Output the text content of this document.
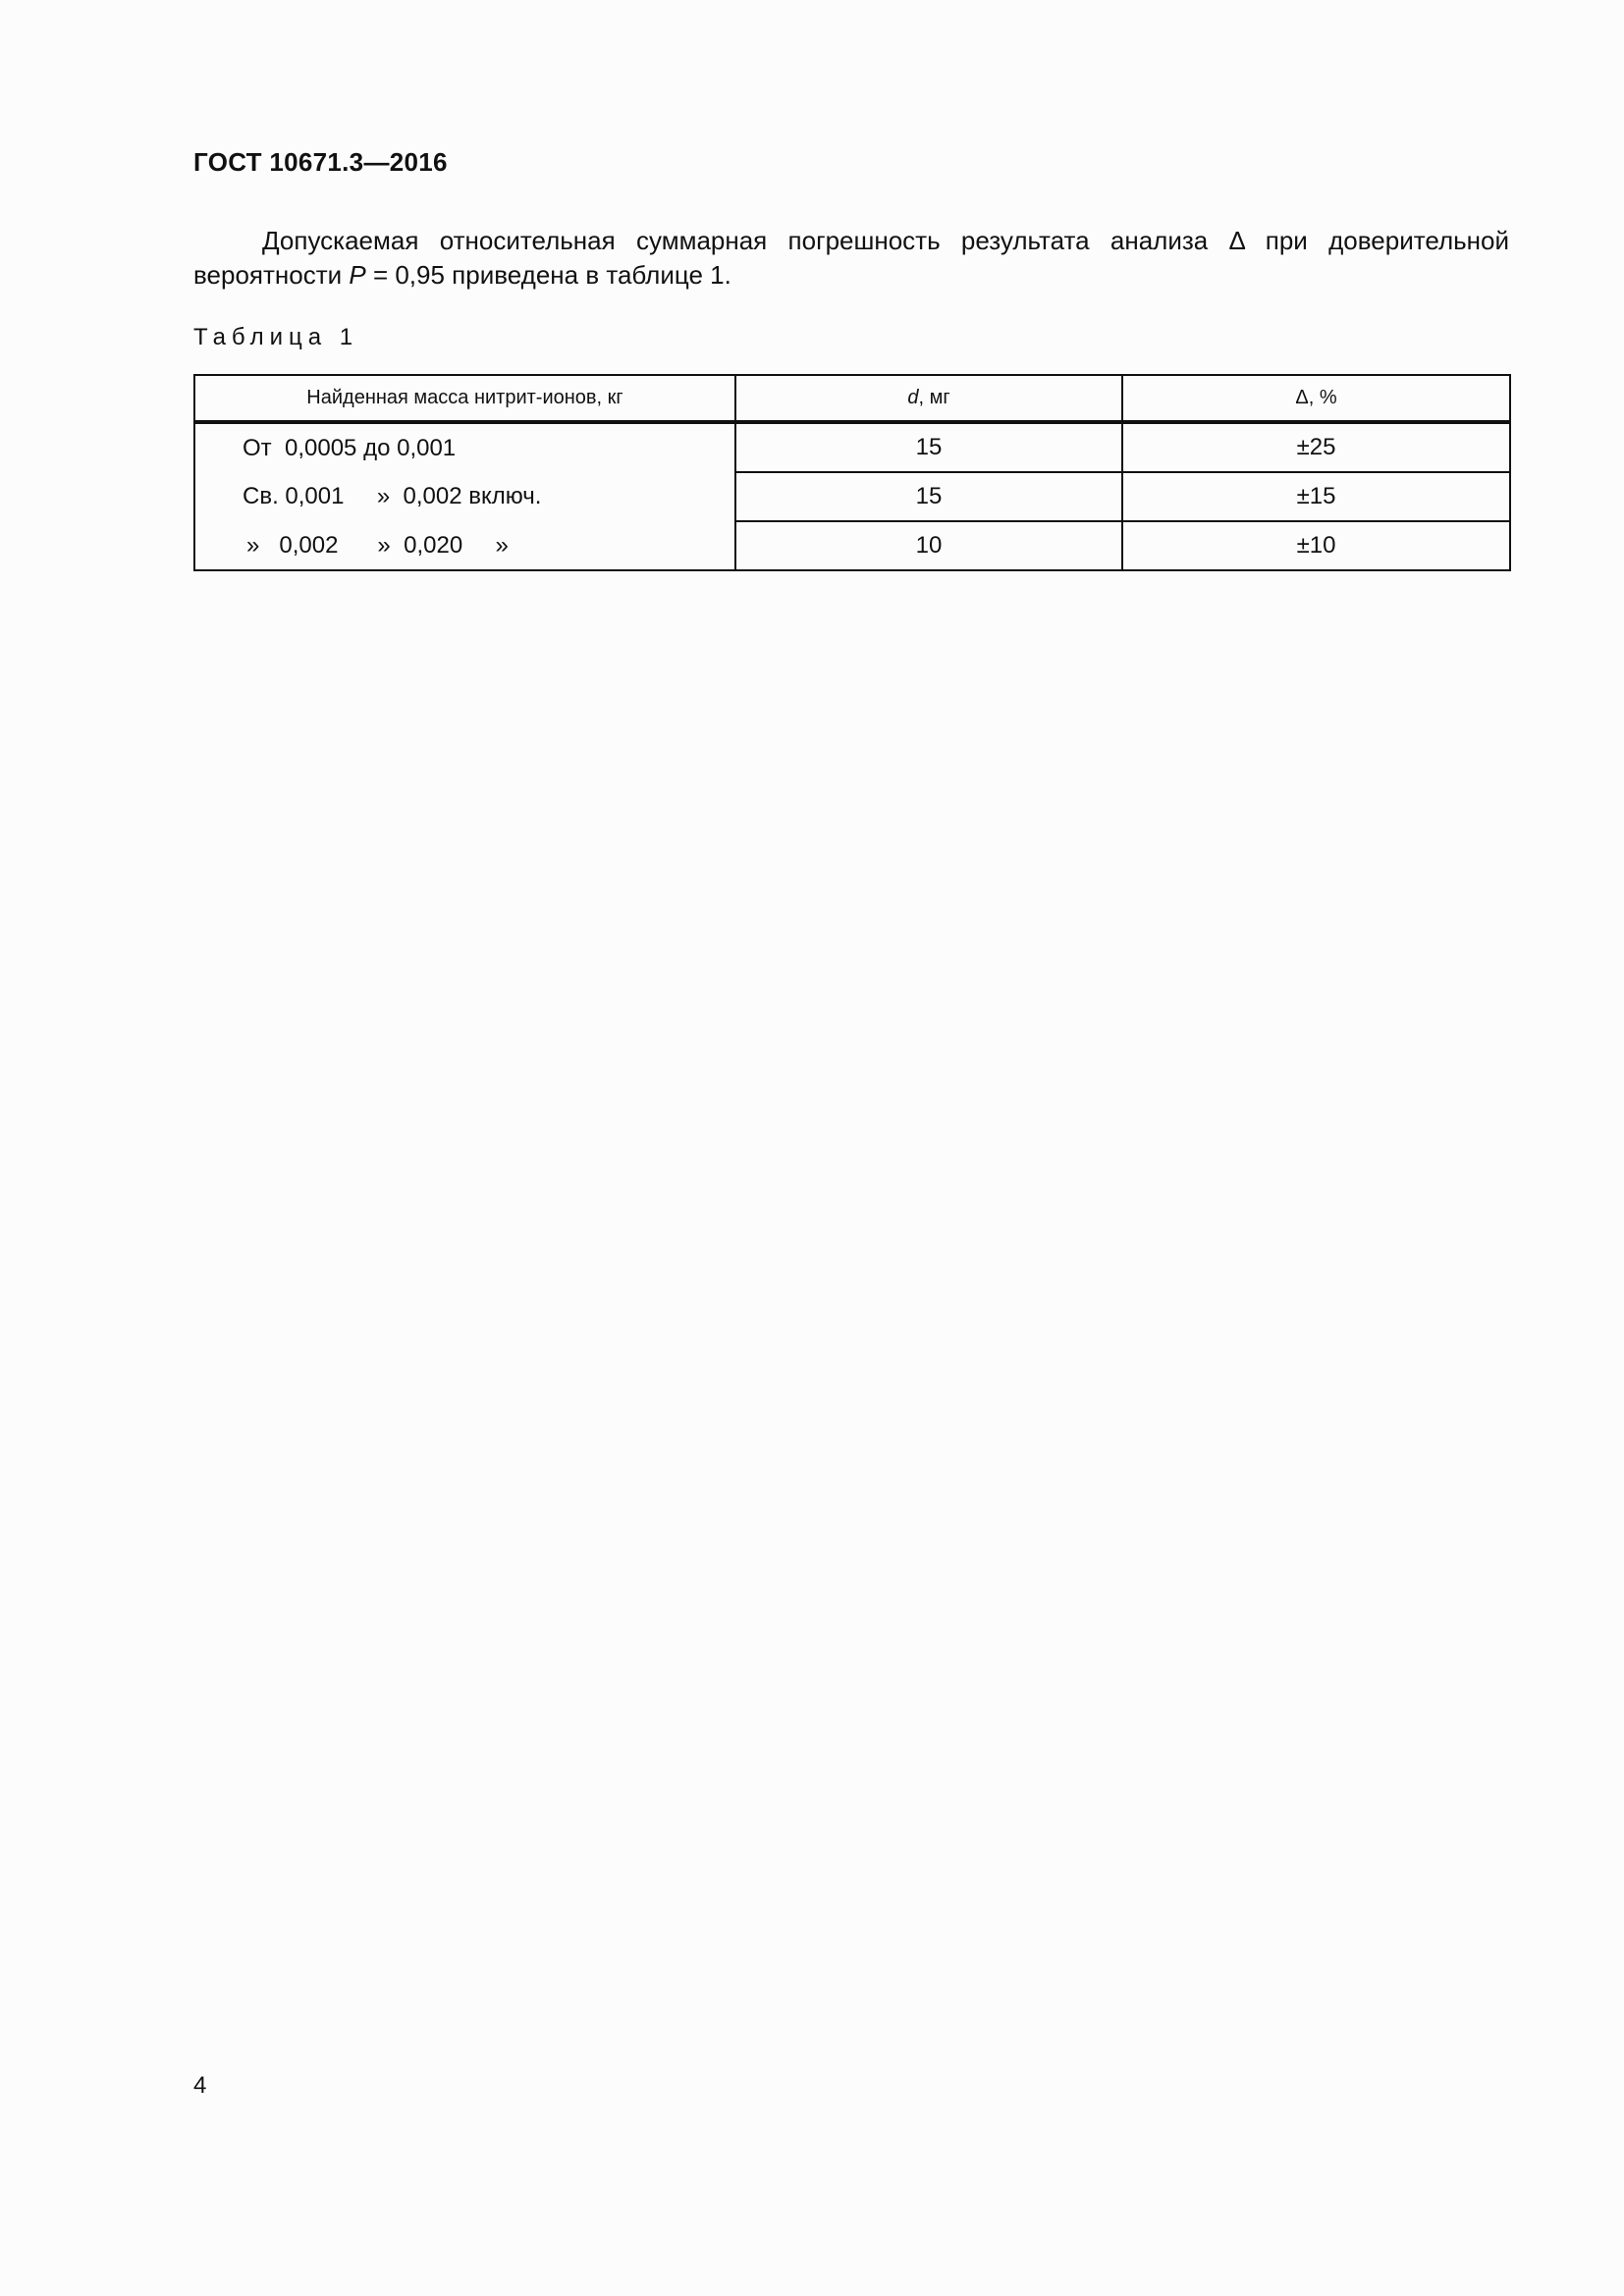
ГОСТ 10671.3—2016

Допускаемая относительная суммарная погрешность результата анализа Δ при доверительной вероятности P = 0,95 приведена в таблице 1.

Таблица 1
Найденная масса нитрит-ионов, кг	d, мг	Δ, %
От  0,0005 до 0,001	15	±25
Св. 0,001     »  0,002 включ.	15	±15
»   0,002      »  0,020     »	10	±10
4
